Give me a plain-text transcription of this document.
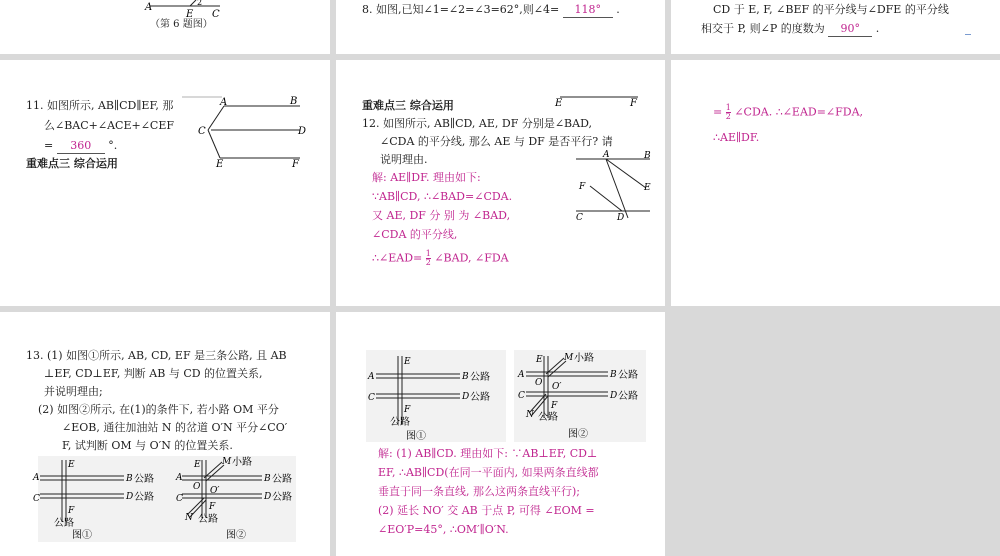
A	2
E C
（第 6 题图）
8. 如图,已知∠1=∠2=∠3=62°,则∠4= 118° .	CD 于 E, F, ∠BEF 的平分线与∠DFE 的平分线
相交于 P, 则∠P 的度数为 90° .
11. 如图所示, AB∥CD∥EF, 那
么∠BAC+∠ACE+∠CEF
= 360 °.
重难点三 综合运用
A	B
C	D
E	F
重难点三 综合运用
12. 如图所示, AB∥CD, AE, DF 分别是∠BAD,
∠CDA 的平分线, 那么 AE 与 DF 是否平行? 请
说明理由.
解: AE∥DF. 理由如下:
∵AB∥CD, ∴∠BAD=∠CDA.
又 AE, DF 分 别 为 ∠BAD,
∠CDA 的平分线,
∴∠EAD= $\frac{1}{2}$ ∠BAD, ∠FDA
E	F
A	B
F	E
C	D
= $\frac{1}{2}$ ∠CDA. ∴∠EAD=∠FDA,
∴AE∥DF.
13. (1) 如图①所示, AB, CD, EF 是三条公路, 且 AB
⊥EF, CD⊥EF, 判断 AB 与 CD 的位置关系,
并说明理由;
(2) 如图②所示, 在(1)的条件下, 若小路 OM 平分
∠EOB, 通往加油站 N 的岔道 O′N 平分∠CO′
F, 试判断 OM 与 O′N 的位置关系.
E
A
C
B 公路
D 公路
F
公路
图①
E M 小路
A
O O′
C
B 公路
D 公路
F
N 公路
图②
E
A
C
B 公路
D 公路
F
公路
图①
E M 小路
A
O O′
C
B 公路
D 公路
F
N 公路
图②
解: (1) AB∥CD. 理由如下: ∵AB⊥EF, CD⊥
EF, ∴AB∥CD(在同一平面内, 如果两条直线都
垂直于同一条直线, 那么这两条直线平行);
(2) 延长 NO′ 交 AB 于点 P, 可得 ∠EOM =
∠EO′P=45°, ∴OM′∥O′N.
